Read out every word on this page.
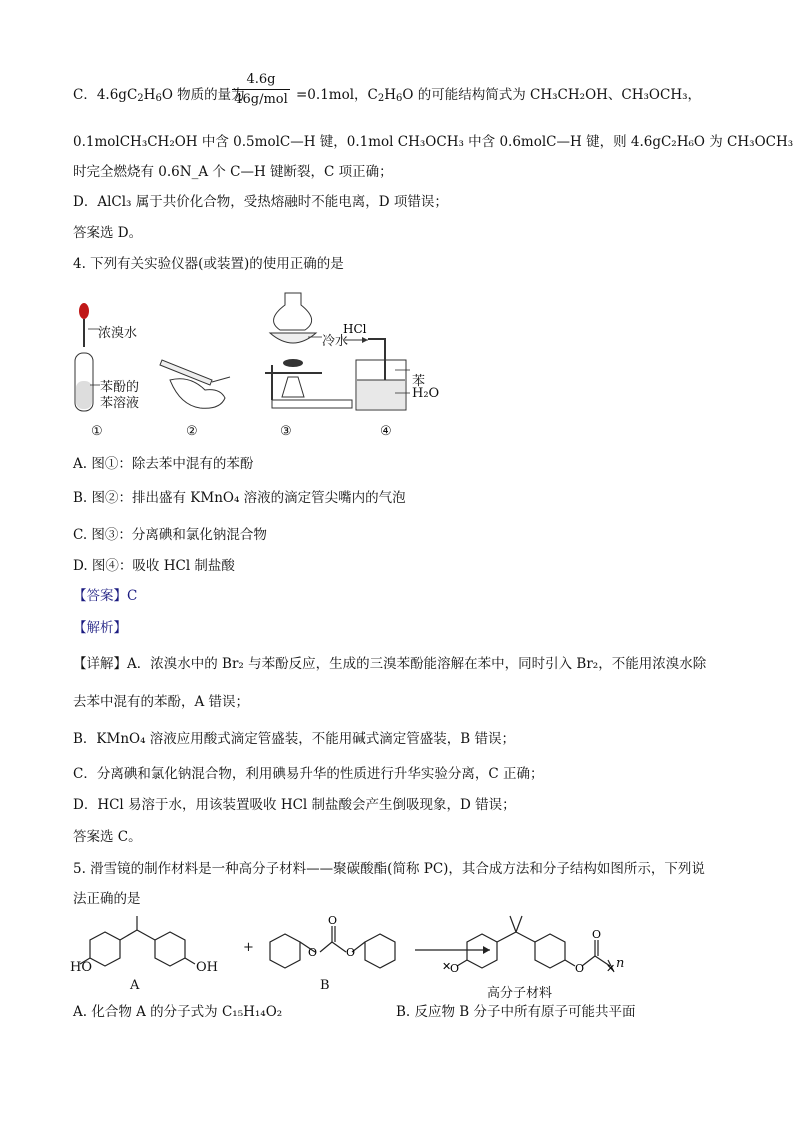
C．$4.6gC_2H_6O$ 物质的量为
4.6g
46g/mol =0.1mol，$C_2H_6O$ 的可能结构简式为 CH₃CH₂OH、CH₃OCH₃，
0.1molCH₃CH₂OH 中含 0.5molC—H 键，0.1mol CH₃OCH₃ 中含 0.6molC—H 键，则 4.6gC₂H₆O 为 CH₃OCH₃
时完全燃烧有 0.6N_A 个 C—H 键断裂，C 项正确；
D．AlCl₃ 属于共价化合物，受热熔融时不能电离，D 项错误；
答案选 D。
4. 下列有关实验仪器(或装置)的使用正确的是
HCl
浓溴水
苯酚的
苯溶液
冷水
苯
H₂O
①	②	③	④
A. 图①：除去苯中混有的苯酚
B. 图②：排出盛有 KMnO₄ 溶液的滴定管尖嘴内的气泡
C. 图③：分离碘和氯化钠混合物
D. 图④：吸收 HCl 制盐酸
【答案】C
【解析】
【详解】A．浓溴水中的 Br₂ 与苯酚反应，生成的三溴苯酚能溶解在苯中，同时引入 Br₂，不能用浓溴水除
去苯中混有的苯酚，A 错误；
B．KMnO₄ 溶液应用酸式滴定管盛装，不能用碱式滴定管盛装，B 错误；
C．分离碘和氯化钠混合物，利用碘易升华的性质进行升华实验分离，C 正确；
D．HCl 易溶于水，用该装置吸收 HCl 制盐酸会产生倒吸现象，D 错误；
答案选 C。
5. 滑雪镜的制作材料是一种高分子材料——聚碳酸酯(简称 PC)，其合成方法和分子结构如图所示，下列说
法正确的是
O	O
O
O	O
O
✕	✕
HO	OH
+
A	B
高分子材料
n
A. 化合物 A 的分子式为 C₁₅H₁₄O₂	B. 反应物 B 分子中所有原子可能共平面
